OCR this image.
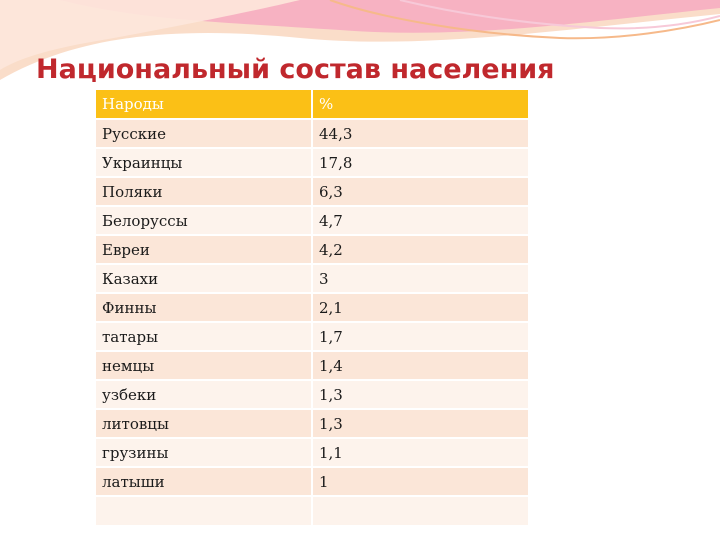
Национальный состав населения
Народы	%
Русские	44,3
Украинцы	17,8
Поляки	6,3
Белоруссы	4,7
Евреи	4,2
Казахи	3
Финны	2,1
татары	1,7
немцы	1,4
узбеки	1,3
литовцы	1,3
грузины	1,1
латыши	1
